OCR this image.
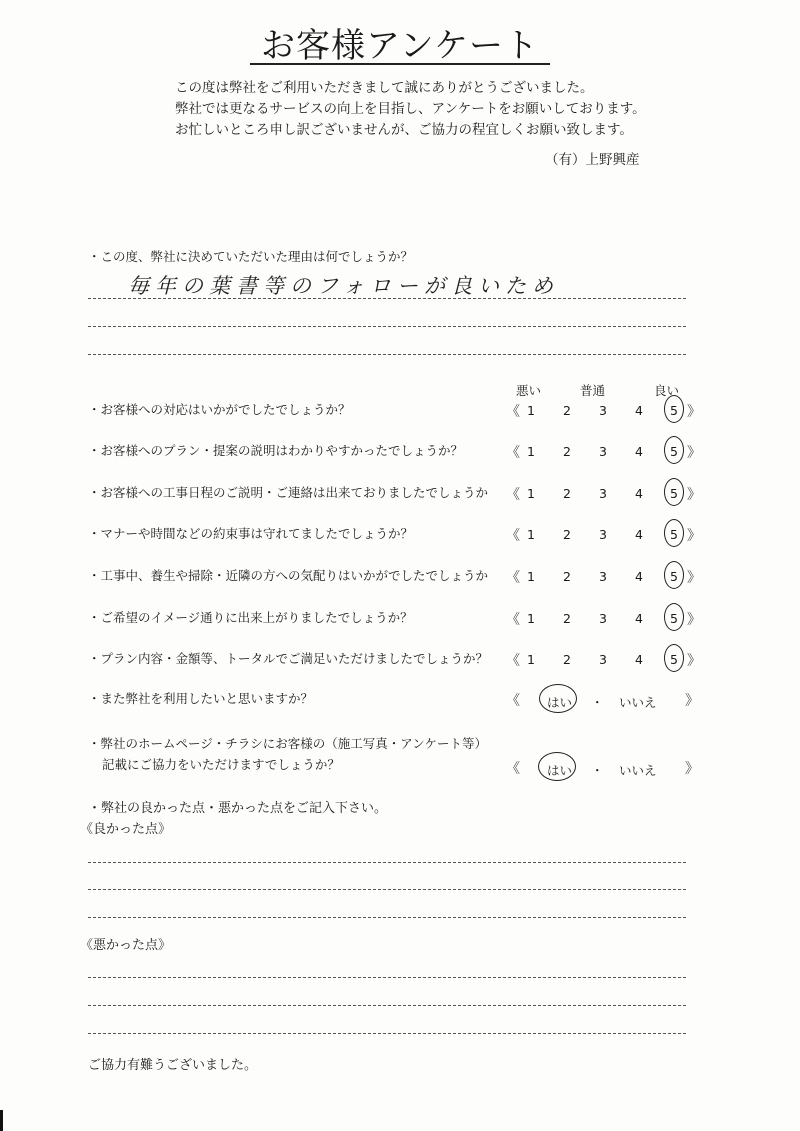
お客様アンケート
この度は弊社をご利用いただきまして誠にありがとうございました。
弊社では更なるサービスの向上を目指し、アンケートをお願いしております。
お忙しいところ申し訳ございませんが、ご協力の程宜しくお願い致します。
（有）上野興産
・この度、弊社に決めていただいた理由は何でしょうか？
毎年の葉書等のフォローが良いため
悪い	普通	良い
・お客様への対応はいかがでしたでしょうか？	《 1 2 3 4 5 》
・お客様へのプラン・提案の説明はわかりやすかったでしょうか？	《 1 2 3 4 5 》
・お客様への工事日程のご説明・ご連絡は出来ておりましたでしょうか 《 1 2 3 4 5 》
・マナーや時間などの約束事は守れてましたでしょうか？	《 1 2 3 4 5 》
・工事中、養生や掃除・近隣の方への気配りはいかがでしたでしょうか 《 1 2 3 4 5 》
・ご希望のイメージ通りに出来上がりましたでしょうか？	《 1 2 3 4 5 》
・プラン内容・金額等、トータルでご満足いただけましたでしょうか？ 《 1 2 3 4 5 》
・また弊社を利用したいと思いますか？	《 はい ・ いいえ 》
・弊社のホームページ・チラシにお客様の（施工写真・アンケート等）
記載にご協力をいただけますでしょうか？	《 はい ・ いいえ 》
・弊社の良かった点・悪かった点をご記入下さい。
《良かった点》
《悪かった点》
ご協力有難うございました。
